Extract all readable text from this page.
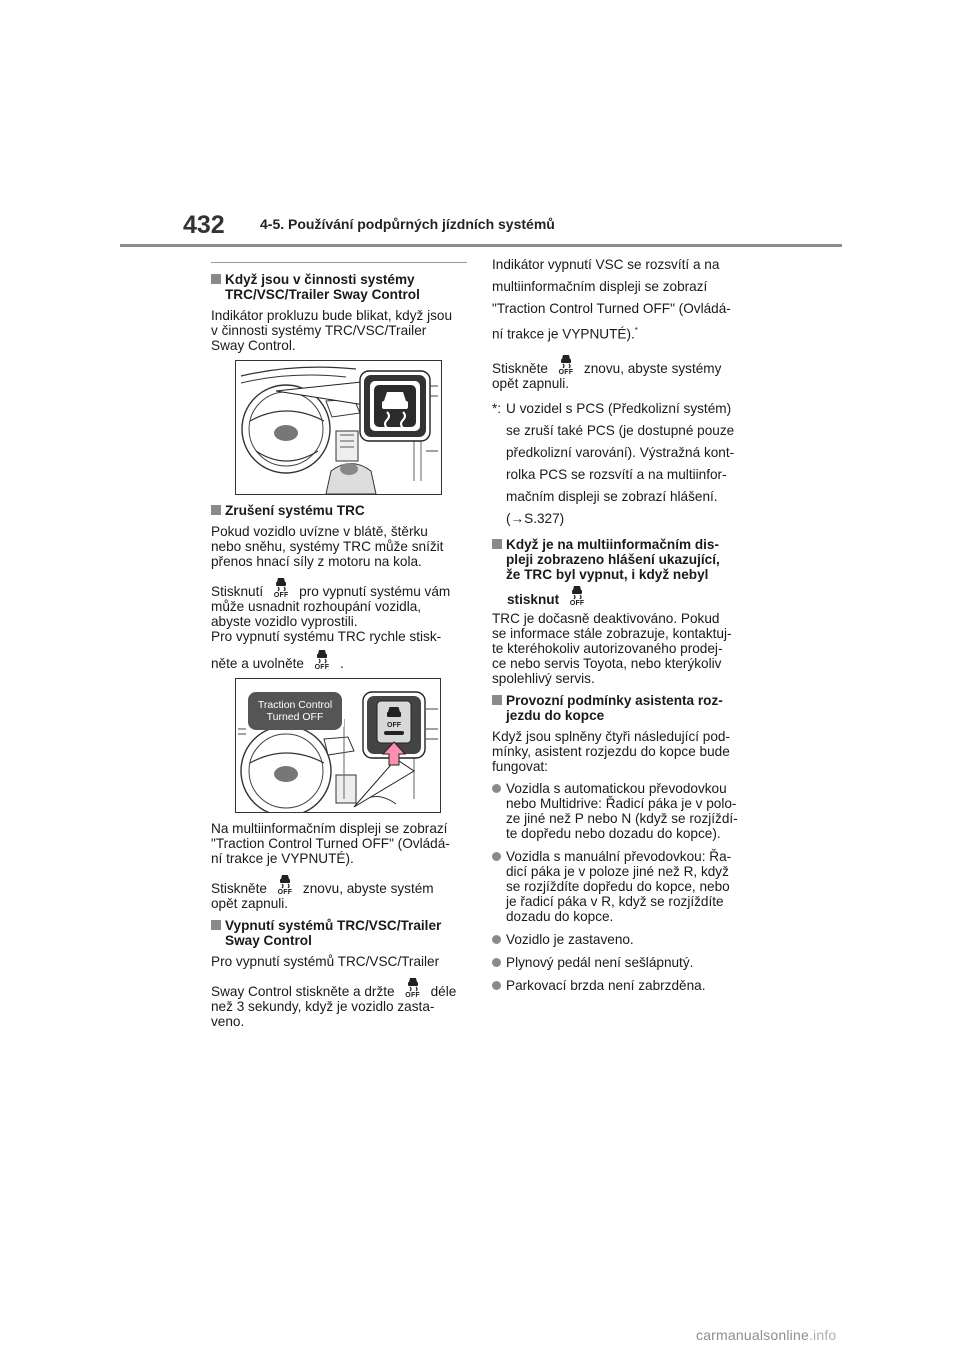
432	4-5. Používání podpůrných jízdních systémů
Když jsou v činnosti systémy
TRC/VSC/Trailer Sway Control
Indikátor prokluzu bude blikat, když jsou
v činnosti systémy TRC/VSC/Trailer
Sway Control.
Zrušení systému TRC
Pokud vozidlo uvízne v blátě, štěrku
nebo sněhu, systémy TRC může snížit
přenos hnací síly z motoru na kola.
Stisknutí OFF pro vypnutí systému vám
může usnadnit rozhoupání vozidla,
abyste vozidlo vyprostili.
Pro vypnutí systému TRC rychle stisk-
něte a uvolněte OFF .
OFF
Traction Control
Turned OFF
Na multiinformačním displeji se zobrazí
"Traction Control Turned OFF" (Ovládá-
ní trakce je VYPNUTÉ).
Stiskněte OFF znovu, abyste systém
opět zapnuli.
Vypnutí systémů TRC/VSC/Trailer
Sway Control
Pro vypnutí systémů TRC/VSC/Trailer
Sway Control stiskněte a držte OFF déle
než 3 sekundy, když je vozidlo zasta-
veno.
Indikátor vypnutí VSC se rozsvítí a na
multiinformačním displeji se zobrazí
"Traction Control Turned OFF" (Ovládá-
ní trakce je VYPNUTÉ).*
Stiskněte OFF znovu, abyste systémy
opět zapnuli.
*: U vozidel s PCS (Předkolizní systém)
se zruší také PCS (je dostupné pouze
předkolizní varování). Výstražná kont-
rolka PCS se rozsvítí a na multiinfor-
mačním displeji se zobrazí hlášení.
(→S.327)
Když je na multiinformačním dis-
pleji zobrazeno hlášení ukazující,
že TRC byl vypnut, i když nebyl
stisknut OFF
TRC je dočasně deaktivováno. Pokud
se informace stále zobrazuje, kontaktuj-
te kteréhokoliv autorizovaného prodej-
ce nebo servis Toyota, nebo kterýkoliv
spolehlivý servis.
Provozní podmínky asistenta roz-
jezdu do kopce
Když jsou splněny čtyři následující pod-
mínky, asistent rozjezdu do kopce bude
fungovat:
Vozidla s automatickou převodovkou
nebo Multidrive: Řadicí páka je v polo-
ze jiné než P nebo N (když se rozjíždí-
te dopředu nebo dozadu do kopce).
Vozidla s manuální převodovkou: Řa-
dicí páka je v poloze jiné než R, když
se rozjíždíte dopředu do kopce, nebo
je řadicí páka v R, když se rozjíždíte
dozadu do kopce.
Vozidlo je zastaveno.
Plynový pedál není sešlápnutý.
Parkovací brzda není zabrzděna.
carmanualsonline.info
